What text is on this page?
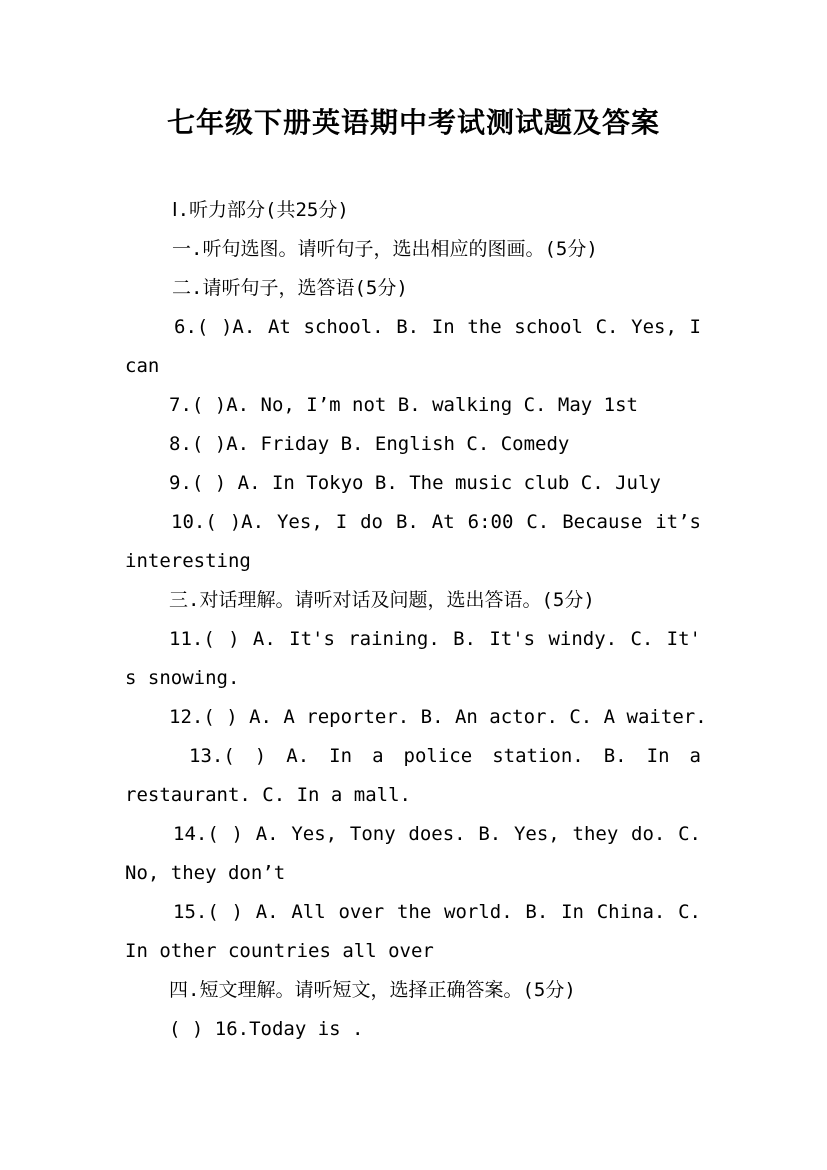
七年级下册英语期中考试测试题及答案
Ⅰ.听力部分(共25分)
一.听句选图。请听句子，选出相应的图画。(5分)
二.请听句子，选答语(5分)
6.( )A. At school. B. In the school C. Yes, I
can
7.( )A. No, I’m not B. walking C. May 1st
8.( )A. Friday B. English C. Comedy
9.( ) A. In Tokyo B. The music club C. July
10.( )A. Yes, I do B. At 6:00 C. Because it’s
interesting
三.对话理解。请听对话及问题，选出答语。(5分)
11.( ) A. It's raining. B. It's windy. C. It'
s snowing.
12.( ) A. A reporter. B. An actor. C. A waiter.
13.( ) A. In a police station. B. In a
restaurant. C. In a mall.
14.( ) A. Yes, Tony does. B. Yes, they do. C.
No, they don’t
15.( ) A. All over the world. B. In China. C.
In other countries all over
四.短文理解。请听短文，选择正确答案。(5分)
( ) 16.Today is .
